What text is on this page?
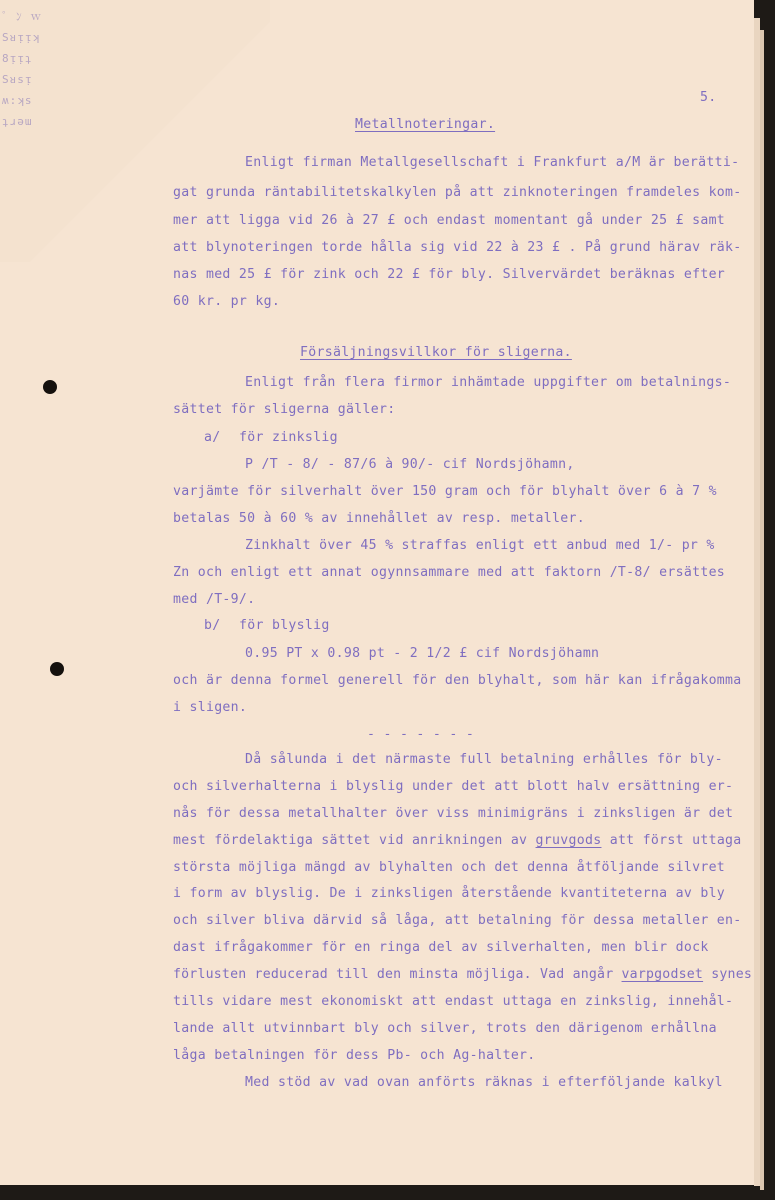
ﾟ ﾝ ｗ
Sᴚᴉᴉʞ
8ᴉᴉʇ
Sᴚsᴉ
ʍ:ʞs
ʇɹǝɯ
5.
Metallnoteringar.
Enligt firman Metallgesellschaft i Frankfurt a/M är berätti-
gat grunda räntabilitetskalkylen på att zinknoteringen framdeles kom-
mer att ligga vid 26 à 27 £ och endast momentant gå under 25 £ samt
att blynoteringen torde hålla sig vid 22 à 23 £ . På grund härav räk-
nas med 25 £ för zink och 22 £ för bly. Silvervärdet beräknas efter
60 kr. pr kg.
Försäljningsvillkor för sligerna.
Enligt från flera firmor inhämtade uppgifter om betalnings-
sättet för sligerna gäller:
a/ för zinkslig
P /T - 8/ - 87/6 à 90/- cif Nordsjöhamn,
varjämte för silverhalt över 150 gram och för blyhalt över 6 à 7 %
betalas 50 à 60 % av innehållet av resp. metaller.
Zinkhalt över 45 % straffas enligt ett anbud med 1/- pr %
Zn och enligt ett annat ogynnsammare med att faktorn /T-8/ ersättes
med /T-9/.
b/ för blyslig
0.95 PT x 0.98 pt - 2 1/2 £ cif Nordsjöhamn
och är denna formel generell för den blyhalt, som här kan ifrågakomma
i sligen.
- - - - - - -
Då sålunda i det närmaste full betalning erhålles för bly-
och silverhalterna i blyslig under det att blott halv ersättning er-
nås för dessa metallhalter över viss minimigräns i zinksligen är det
mest fördelaktiga sättet vid anrikningen av gruvgods att först uttaga
största möjliga mängd av blyhalten och det denna åtföljande silvret
i form av blyslig. De i zinksligen återstående kvantiteterna av bly
och silver bliva därvid så låga, att betalning för dessa metaller en-
dast ifrågakommer för en ringa del av silverhalten, men blir dock
förlusten reducerad till den minsta möjliga. Vad angår varpgodset synes
tills vidare mest ekonomiskt att endast uttaga en zinkslig, innehål-
lande allt utvinnbart bly och silver, trots den därigenom erhållna
låga betalningen för dess Pb- och Ag-halter.
Med stöd av vad ovan anförts räknas i efterföljande kalkyl
